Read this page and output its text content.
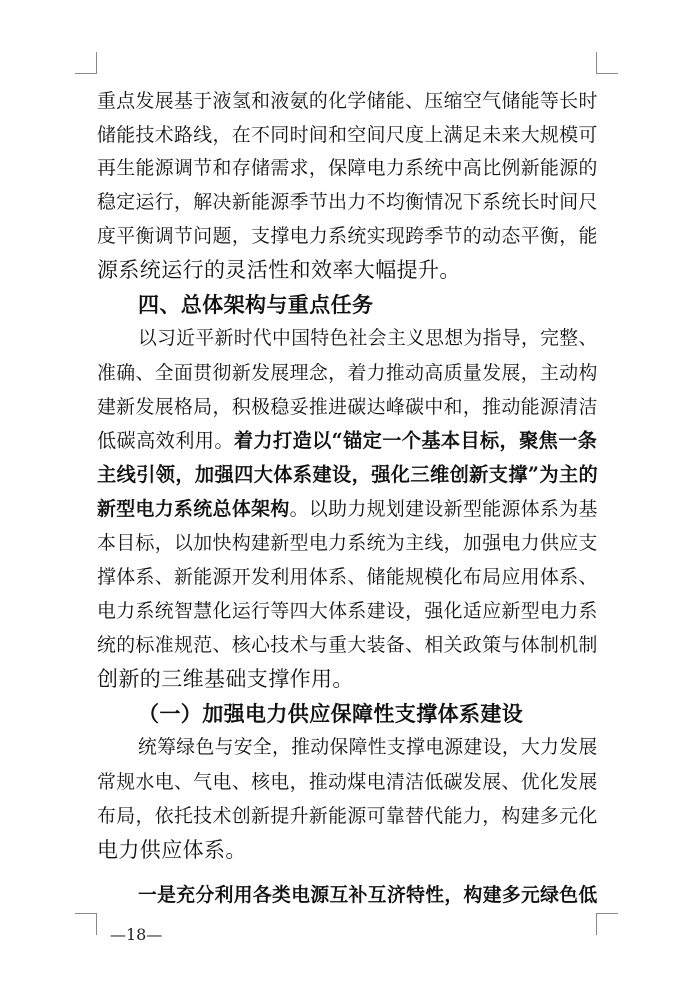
重点发展基于液氢和液氨的化学储能、压缩空气储能等长时
储能技术路线，在不同时间和空间尺度上满足未来大规模可
再生能源调节和存储需求，保障电力系统中高比例新能源的
稳定运行，解决新能源季节出力不均衡情况下系统长时间尺
度平衡调节问题，支撑电力系统实现跨季节的动态平衡，能
源系统运行的灵活性和效率大幅提升。
四、总体架构与重点任务
以习近平新时代中国特色社会主义思想为指导，完整、
准确、全面贯彻新发展理念，着力推动高质量发展，主动构
建新发展格局，积极稳妥推进碳达峰碳中和，推动能源清洁
低碳高效利用。着力打造以“锚定一个基本目标，聚焦一条
主线引领，加强四大体系建设，强化三维创新支撑”为主的
新型电力系统总体架构。以助力规划建设新型能源体系为基
本目标，以加快构建新型电力系统为主线，加强电力供应支
撑体系、新能源开发利用体系、储能规模化布局应用体系、
电力系统智慧化运行等四大体系建设，强化适应新型电力系
统的标准规范、核心技术与重大装备、相关政策与体制机制
创新的三维基础支撑作用。
（一）加强电力供应保障性支撑体系建设
统筹绿色与安全，推动保障性支撑电源建设，大力发展
常规水电、气电、核电，推动煤电清洁低碳发展、优化发展
布局，依托技术创新提升新能源可靠替代能力，构建多元化
电力供应体系。
一是充分利用各类电源互补互济特性，构建多元绿色低
—18—
